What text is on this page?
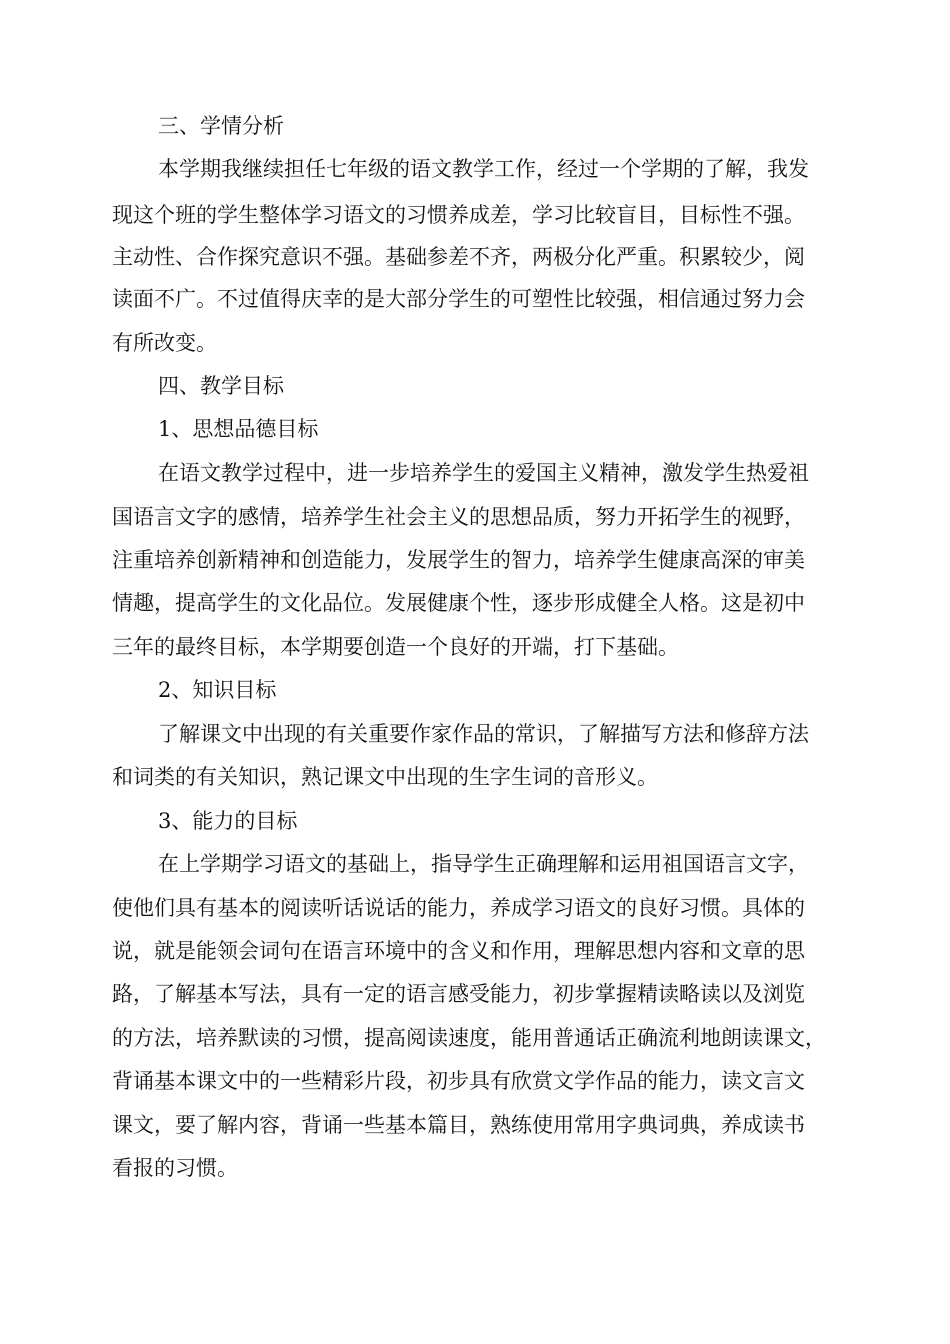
三、学情分析
本学期我继续担任七年级的语文教学工作，经过一个学期的了解，我发
现这个班的学生整体学习语文的习惯养成差，学习比较盲目，目标性不强。
主动性、合作探究意识不强。基础参差不齐，两极分化严重。积累较少，阅
读面不广。不过值得庆幸的是大部分学生的可塑性比较强，相信通过努力会
有所改变。
四、教学目标
1、思想品德目标
在语文教学过程中，进一步培养学生的爱国主义精神，激发学生热爱祖
国语言文字的感情，培养学生社会主义的思想品质，努力开拓学生的视野，
注重培养创新精神和创造能力，发展学生的智力，培养学生健康高深的审美
情趣，提高学生的文化品位。发展健康个性，逐步形成健全人格。这是初中
三年的最终目标，本学期要创造一个良好的开端，打下基础。
2、知识目标
了解课文中出现的有关重要作家作品的常识，了解描写方法和修辞方法
和词类的有关知识，熟记课文中出现的生字生词的音形义。
3、能力的目标
在上学期学习语文的基础上，指导学生正确理解和运用祖国语言文字，
使他们具有基本的阅读听话说话的能力，养成学习语文的良好习惯。具体的
说，就是能领会词句在语言环境中的含义和作用，理解思想内容和文章的思
路，了解基本写法，具有一定的语言感受能力，初步掌握精读略读以及浏览
的方法，培养默读的习惯，提高阅读速度，能用普通话正确流利地朗读课文，
背诵基本课文中的一些精彩片段，初步具有欣赏文学作品的能力，读文言文
课文，要了解内容，背诵一些基本篇目，熟练使用常用字典词典，养成读书
看报的习惯。
